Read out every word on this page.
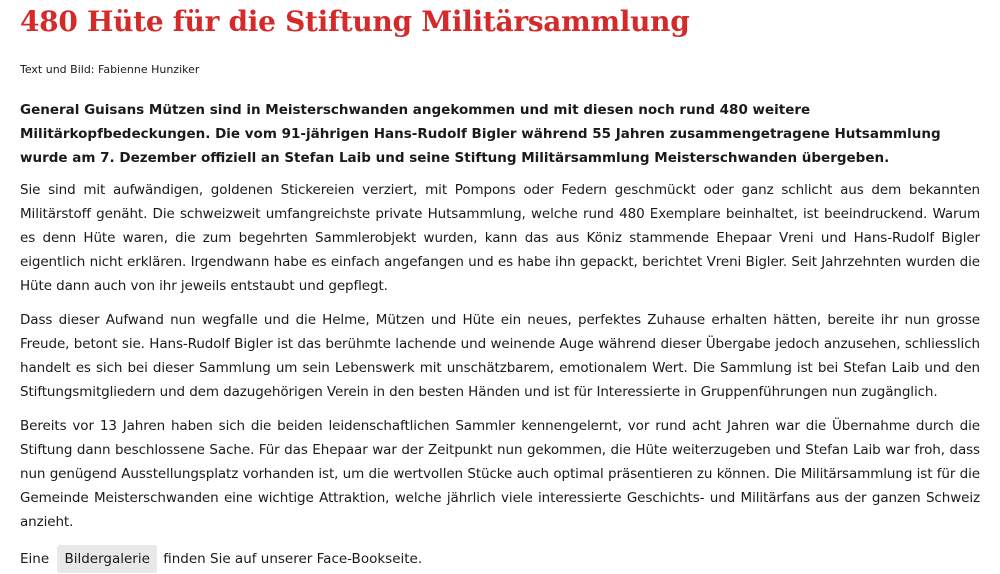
480 Hüte für die Stiftung Militärsammlung
Text und Bild: Fabienne Hunziker

General Guisans Mützen sind in Meisterschwanden angekommen und mit diesen noch rund 480 weitere Militärkopfbedeckungen. Die vom 91-jährigen Hans-Rudolf Bigler während 55 Jahren zusammengetragene Hutsammlung wurde am 7. Dezember offiziell an Stefan Laib und seine Stiftung Militärsammlung Meisterschwanden übergeben.

Sie sind mit aufwändigen, goldenen Stickereien verziert, mit Pompons oder Federn geschmückt oder ganz schlicht aus dem bekannten Militärstoff genäht. Die schweizweit umfangreichste private Hutsammlung, welche rund 480 Exemplare beinhaltet, ist beeindruckend. Warum es denn Hüte waren, die zum begehrten Sammlerobjekt wurden, kann das aus Köniz stammende Ehepaar Vreni und Hans-Rudolf Bigler eigentlich nicht erklären. Irgendwann habe es einfach angefangen und es habe ihn gepackt, berichtet Vreni Bigler. Seit Jahrzehnten wurden die Hüte dann auch von ihr jeweils entstaubt und gepflegt.

Dass dieser Aufwand nun wegfalle und die Helme, Mützen und Hüte ein neues, perfektes Zuhause erhalten hätten, bereite ihr nun grosse Freude, betont sie. Hans-Rudolf Bigler ist das berühmte lachende und weinende Auge während dieser Übergabe jedoch anzusehen, schliesslich handelt es sich bei dieser Sammlung um sein Lebenswerk mit unschätzbarem, emotionalem Wert. Die Sammlung ist bei Stefan Laib und den Stiftungsmitgliedern und dem dazugehörigen Verein in den besten Händen und ist für Interessierte in Gruppenführungen nun zugänglich.

Bereits vor 13 Jahren haben sich die beiden leidenschaftlichen Sammler kennengelernt, vor rund acht Jahren war die Übernahme durch die Stiftung dann beschlossene Sache. Für das Ehepaar war der Zeitpunkt nun gekommen, die Hüte weiterzugeben und Stefan Laib war froh, dass nun genügend Ausstellungsplatz vorhanden ist, um die wertvollen Stücke auch optimal präsentieren zu können. Die Militärsammlung ist für die Gemeinde Meisterschwanden eine wichtige Attraktion, welche jährlich viele interessierte Geschichts- und Militärfans aus der ganzen Schweiz anzieht.

Eine Bildergalerie finden Sie auf unserer Face-Bookseite.
